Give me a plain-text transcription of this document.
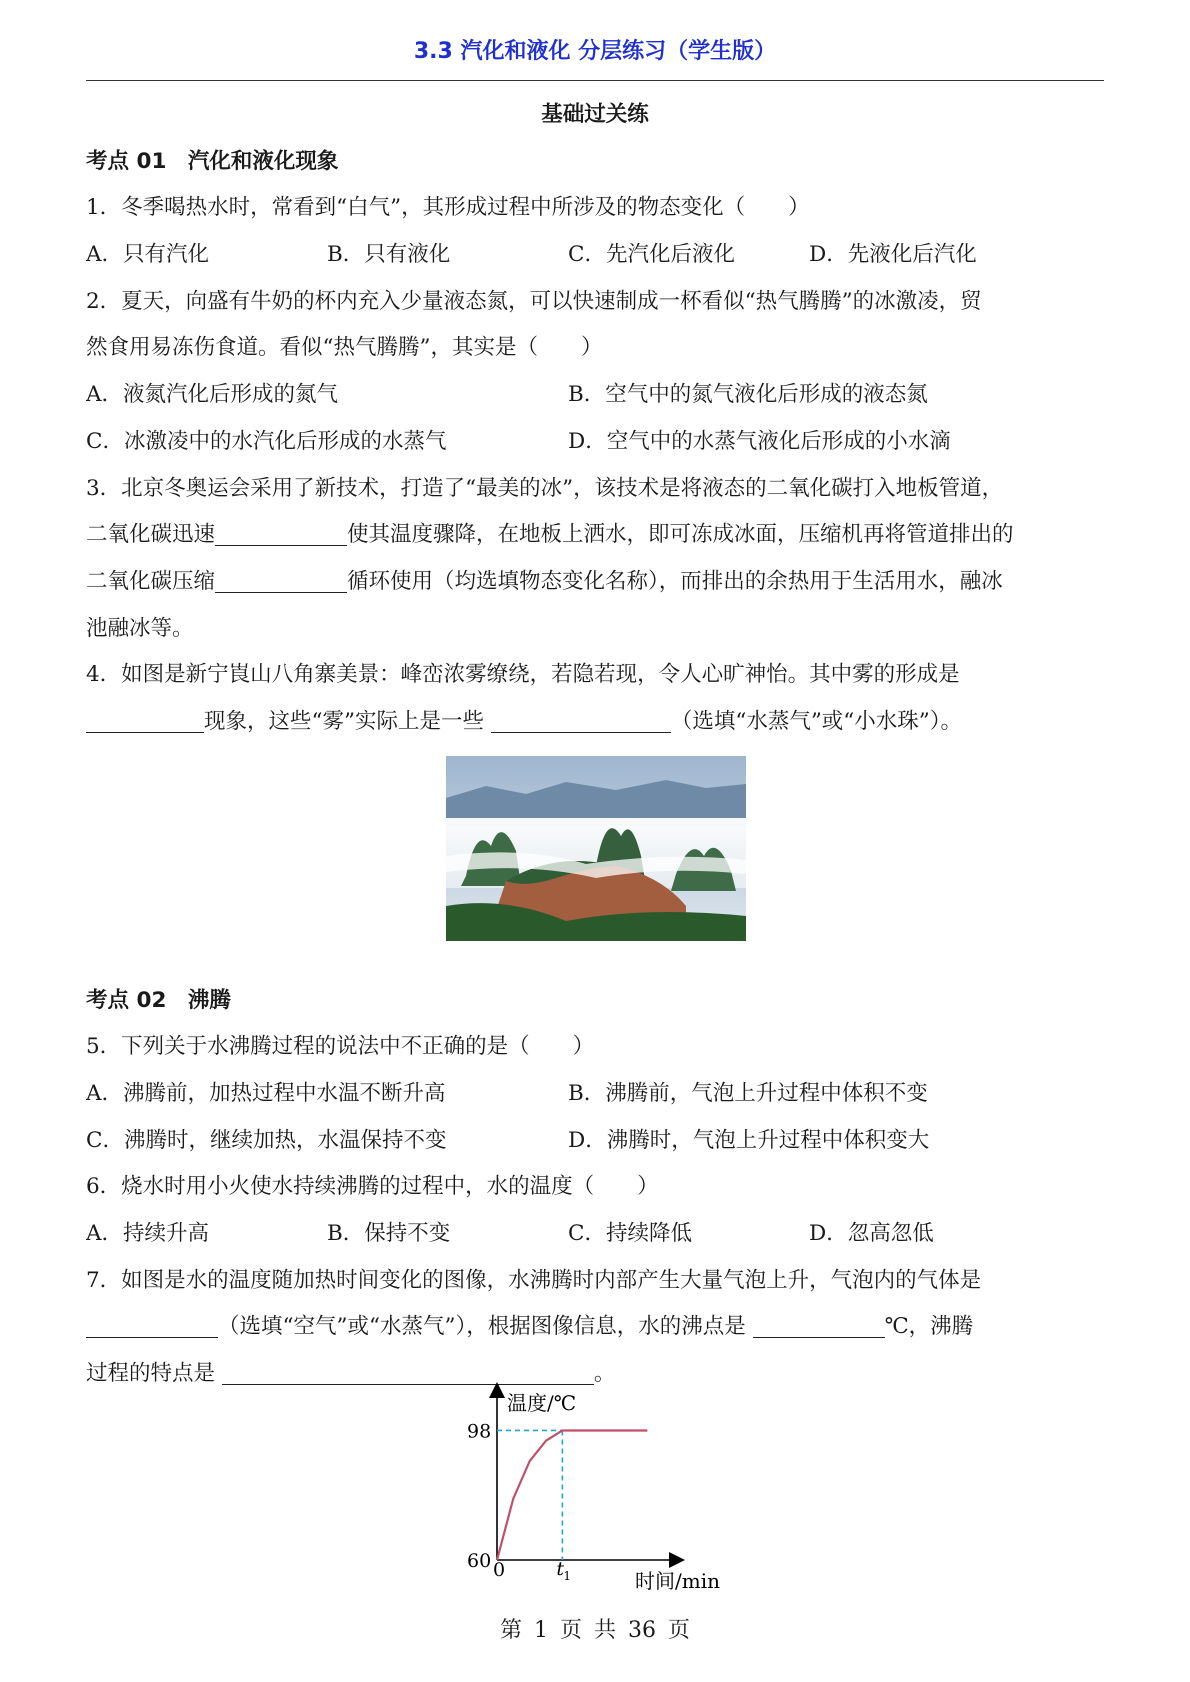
3.3 汽化和液化 分层练习（学生版）
基础过关练
考点 01　汽化和液化现象
1．冬季喝热水时，常看到“白气”，其形成过程中所涉及的物态变化（　　）
A．只有汽化	B．只有液化	C．先汽化后液化	D．先液化后汽化
2．夏天，向盛有牛奶的杯内充入少量液态氮，可以快速制成一杯看似“热气腾腾”的冰激凌，贸
然食用易冻伤食道。看似“热气腾腾”，其实是（　　）
A．液氮汽化后形成的氮气	B．空气中的氮气液化后形成的液态氮
C．冰激凌中的水汽化后形成的水蒸气	D．空气中的水蒸气液化后形成的小水滴
3．北京冬奥运会采用了新技术，打造了“最美的冰”，该技术是将液态的二氧化碳打入地板管道，
二氧化碳迅速	使其温度骤降，在地板上洒水，即可冻成冰面，压缩机再将管道排出的
二氧化碳压缩	循环使用（均选填物态变化名称），而排出的余热用于生活用水，融冰
池融冰等。
4．如图是新宁崀山八角寨美景：峰峦浓雾缭绕，若隐若现，令人心旷神怡。其中雾的形成是
现象，这些“雾”实际上是一些	（选填“水蒸气”或“小水珠”）。
考点 02　沸腾
5．下列关于水沸腾过程的说法中不正确的是（　　）
A．沸腾前，加热过程中水温不断升高	B．沸腾前，气泡上升过程中体积不变
C．沸腾时，继续加热，水温保持不变	D．沸腾时，气泡上升过程中体积变大
6．烧水时用小火使水持续沸腾的过程中，水的温度（　　）
A．持续升高	B．保持不变	C．持续降低	D．忽高忽低
7．如图是水的温度随加热时间变化的图像，水沸腾时内部产生大量气泡上升，气泡内的气体是
（选填“空气”或“水蒸气”），根据图像信息，水的沸点是	℃，沸腾
过程的特点是	。
温度/℃
时间/min
98
60 0	t 1
第 1 页 共 36 页
